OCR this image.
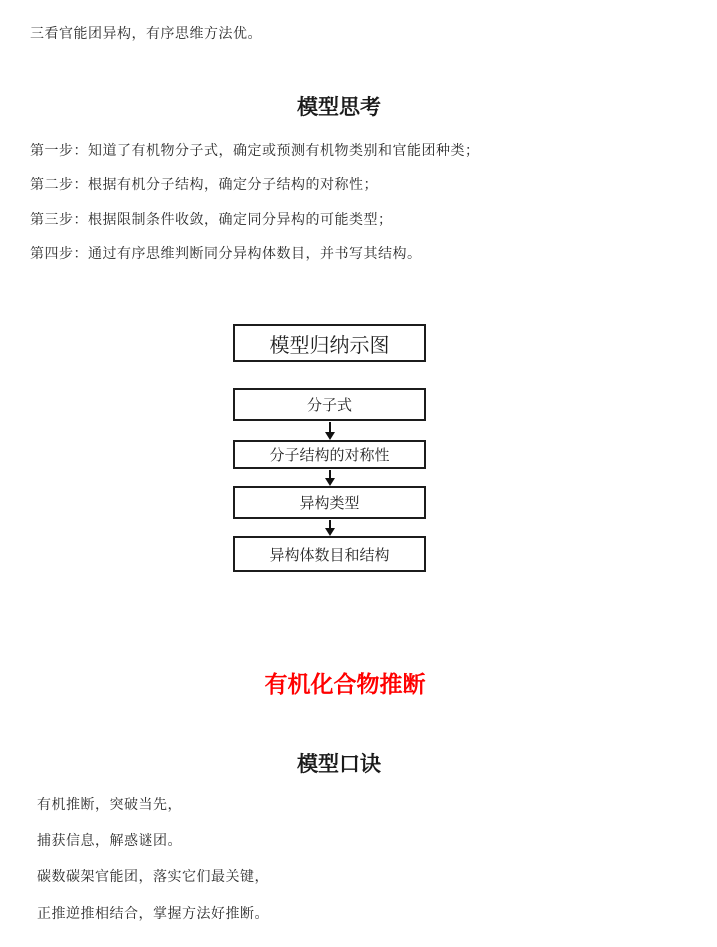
三看官能团异构，有序思维方法优。
模型思考
第一步：知道了有机物分子式，确定或预测有机物类别和官能团种类；
第二步：根据有机分子结构，确定分子结构的对称性；
第三步：根据限制条件收敛，确定同分异构的可能类型；
第四步：通过有序思维判断同分异构体数目，并书写其结构。
模型归纳示图
分子式
分子结构的对称性
异构类型
异构体数目和结构
有机化合物推断
模型口诀
有机推断，突破当先，
捕获信息，解惑谜团。
碳数碳架官能团，落实它们最关键，
正推逆推相结合，掌握方法好推断。
